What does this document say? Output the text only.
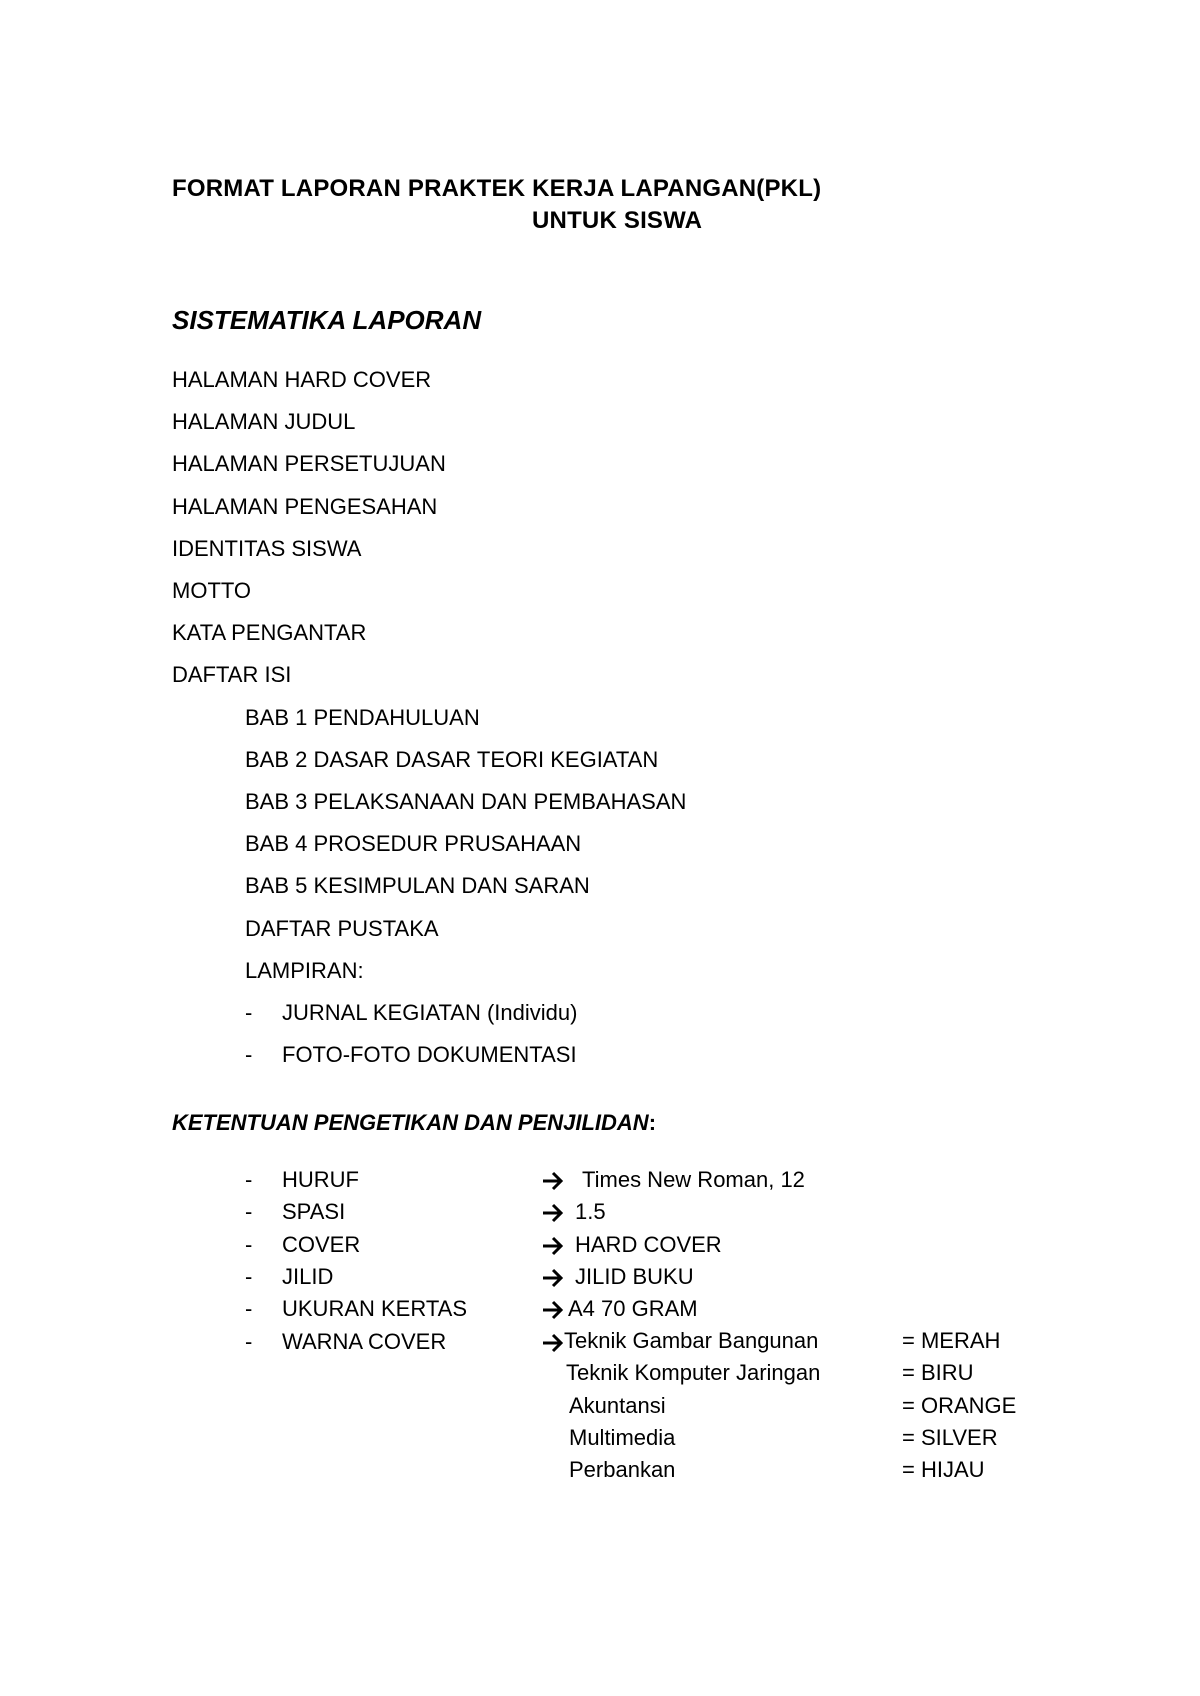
FORMAT LAPORAN PRAKTEK KERJA LAPANGAN(PKL)
UNTUK SISWA
SISTEMATIKA LAPORAN
HALAMAN HARD COVER
HALAMAN JUDUL
HALAMAN PERSETUJUAN
HALAMAN PENGESAHAN
IDENTITAS SISWA
MOTTO
KATA PENGANTAR
DAFTAR ISI
BAB 1 PENDAHULUAN
BAB 2 DASAR DASAR TEORI KEGIATAN
BAB 3 PELAKSANAAN DAN PEMBAHASAN
BAB 4 PROSEDUR PRUSAHAAN
BAB 5 KESIMPULAN DAN SARAN
DAFTAR PUSTAKA
LAMPIRAN:
- JURNAL KEGIATAN (Individu)
- FOTO-FOTO DOKUMENTASI
KETENTUAN PENGETIKAN DAN PENJILIDAN:
- HURUF	Times New Roman, 12
- SPASI	1.5
- COVER	HARD COVER
- JILID	JILID BUKU
- UKURAN KERTAS	A4 70 GRAM
- WARNA COVER	Teknik Gambar Bangunan	= MERAH
Teknik Komputer Jaringan	= BIRU
Akuntansi	= ORANGE
Multimedia	= SILVER
Perbankan	= HIJAU
